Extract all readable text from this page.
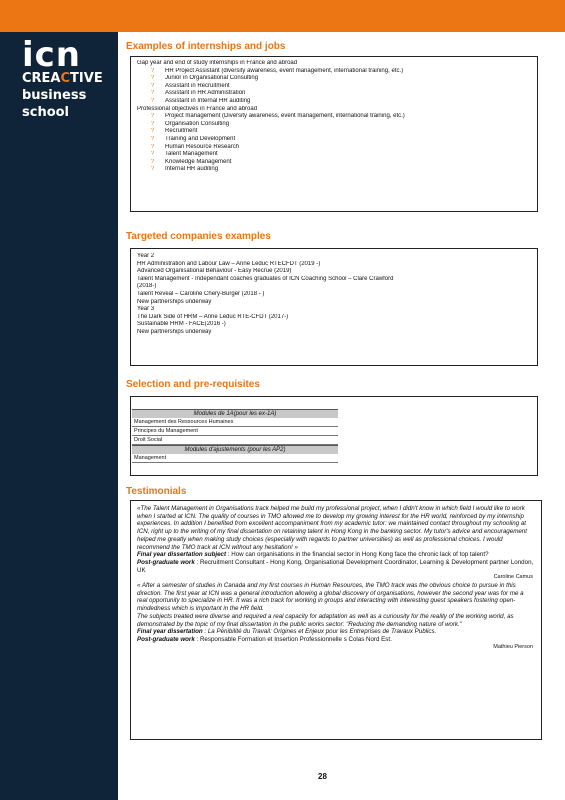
icn
CREACTIVE
business
school
Examples of internships and jobs
Gap year and end of study internships in France and abroad
? HR Project Assistant (diversity awareness, event management, international training, etc.)
? Junior in Organisational Consulting
? Assistant in Recruitment
? Assistant in HR Administration
? Assistant in Internal HR auditing
Professional objectives in France and abroad
? Project management (Diversity awareness, event management, international training, etc.)
? Organisation Consulting
? Recruitment
? Training and Development
? Human Resource Research
? Talent Management
? Knowledge Management
? Internal HR auditing
Targeted companies examples
Year 2
HR Administration and Labour Law – Anne Leduc RTECFDT (2019 -)
Advanced Organisational Behaviour - Easy Recrue (2019)
Talent Management - Independant coaches graduates of ICN Coaching School – Clare Crawford
(2018-)
Talent Reveal – Caroline Chery-Burger (2018 - )
New partnerships underway
Year 3
The Dark Side of HRM – Anne Leduc RTE-CFDT (2017-)
Sustainable HRM - FACE(2016 -)
New partnerships underway
Selection and pre-requisites
Modules de 1A(pour les ex-1A)
Management des Ressources Humaines
Principes du Management
Droit Social
Modules d'ajustements (pour les AP2)
Management
Testimonials

«The Talent Management in Organisations track helped me build my professional project, when I didn't know in which field I would like to work when I started at ICN. The quality of courses in TMO allowed me to develop my growing interest for the HR world, reinforced by my internship experiences. In addition I benefited from excellent accompaniment from my academic tutor: we maintained contact throughout my schooling at ICN, right up to the writing of my final dissertation on retaining talent in Hong Kong in the banking sector. My tutor's advice and encouragement helped me greatly when making study choices (especially with regards to partner universities) as well as professional choices. I would recommend the TMO track at ICN without any hesitation! »

Final year dissertation subject : How can organisations in the financial sector in Hong Kong face the chronic lack of top talent?

Post-graduate work : Recruitment Consultant - Hong Kong, Organisational Development Coordinator, Learning & Development partner London, UK

Caroline Camus

« After a semester of studies in Canada and my first courses in Human Resources, the TMO track was the obvious choice to pursue in this direction. The first year at ICN was a general introduction allowing a global discovery of organisations, however the second year was for me a real opportunity to specialize in HR. It was a rich track for working in groups and interacting with interesting guest speakers fostering open-mindedness which is important in the HR field.

The subjects treated were diverse and required a real capacity for adaptation as well as a curiousity for the reality of the working world, as demonstrated by the topic of my final dissertation in the public works sector: "Reducing the demanding nature of work."

Final year dissertation : La Pénibilité du Travail: Origines et Enjeux pour les Entreprises de Travaux Publics.

Post-graduate work : Responsable Formation et Insertion Professionnelle s Colas Nord Est.

Mathieu Pierson

28
